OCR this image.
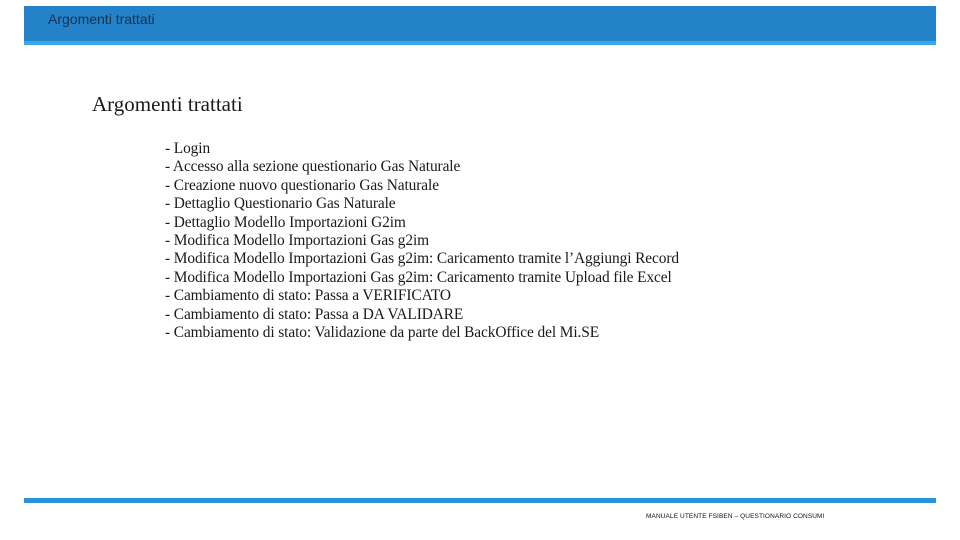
Argomenti trattati
Argomenti trattati
- Login
- Accesso alla sezione questionario Gas Naturale
- Creazione nuovo questionario Gas Naturale
- Dettaglio Questionario Gas Naturale
- Dettaglio Modello Importazioni G2im
- Modifica Modello Importazioni Gas g2im
- Modifica Modello Importazioni Gas g2im: Caricamento tramite l’Aggiungi Record
- Modifica Modello Importazioni Gas g2im: Caricamento tramite Upload file Excel
- Cambiamento di stato: Passa a VERIFICATO
- Cambiamento di stato: Passa a DA VALIDARE
- Cambiamento di stato: Validazione da parte del BackOffice del Mi.SE
MANUALE UTENTE FSIBEN – QUESTIONARIO CONSUMI
